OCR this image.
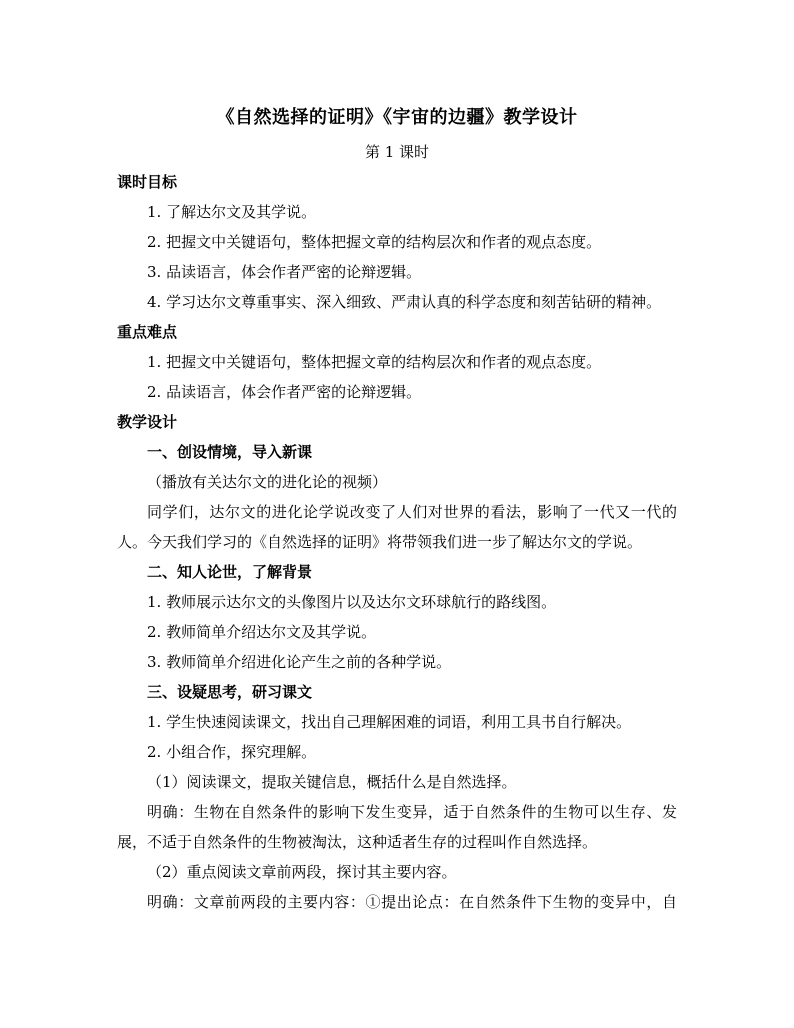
《自然选择的证明》《宇宙的边疆》教学设计
第 1 课时
课时目标
1. 了解达尔文及其学说。
2. 把握文中关键语句，整体把握文章的结构层次和作者的观点态度。
3. 品读语言，体会作者严密的论辩逻辑。
4. 学习达尔文尊重事实、深入细致、严肃认真的科学态度和刻苦钻研的精神。
重点难点
1. 把握文中关键语句，整体把握文章的结构层次和作者的观点态度。
2. 品读语言，体会作者严密的论辩逻辑。
教学设计
一、创设情境，导入新课
（播放有关达尔文的进化论的视频）
同学们，达尔文的进化论学说改变了人们对世界的看法，影响了一代又一代的
人。今天我们学习的《自然选择的证明》将带领我们进一步了解达尔文的学说。
二、知人论世，了解背景
1. 教师展示达尔文的头像图片以及达尔文环球航行的路线图。
2. 教师简单介绍达尔文及其学说。
3. 教师简单介绍进化论产生之前的各种学说。
三、设疑思考，研习课文
1. 学生快速阅读课文，找出自己理解困难的词语，利用工具书自行解决。
2. 小组合作，探究理解。
（1）阅读课文，提取关键信息，概括什么是自然选择。
明确：生物在自然条件的影响下发生变异，适于自然条件的生物可以生存、发
展，不适于自然条件的生物被淘汰，这种适者生存的过程叫作自然选择。
（2）重点阅读文章前两段，探讨其主要内容。
明确：文章前两段的主要内容：①提出论点：在自然条件下生物的变异中，自
